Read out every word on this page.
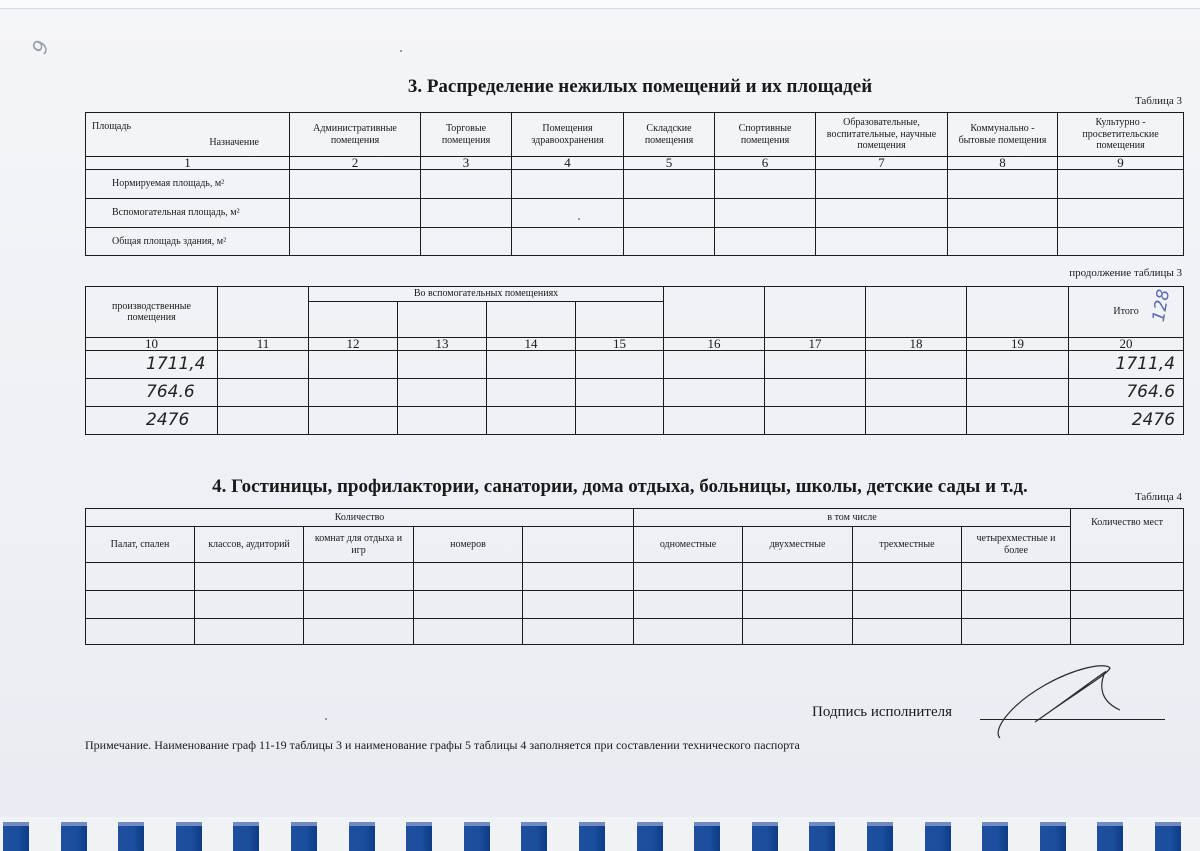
9
3. Распределение нежилых помещений и их площадей
Таблица 3
Назначение
Площадь	Административные помещения	Торговые помещения	Помещения здравоохранения	Складские помещения	Спортивные помещения	Образовательные, воспитательные, научные помещения	Коммунально - бытовые помещения	Культурно - просветительские помещения
1	2	3	4	5	6	7	8	9
Нормируемая площадь, м²								
Вспомогательная площадь, м²								
Общая площадь здания, м²								
продолжение таблицы 3
производственные помещения		Во вспомогательных помещениях								Итого 128

10	11	12	13	14	15	16	17	18	19	20
1711,4										1711,4
764.6										764.6
2476										2476
4. Гостиницы, профилактории, санатории, дома отдыха, больницы, школы, детские сады и т.д.	Таблица 4
Количество					в том числе				Количество мест
Палат, спален	классов, аудиторий	комнат для отдыха и игр	номеров		одноместные	двухместные	трехместные	четырехместные и более	

Подпись исполнителя
Примечание. Наименование граф 11-19 таблицы 3 и наименование графы 5 таблицы 4 заполняется при составлении технического паспорта
